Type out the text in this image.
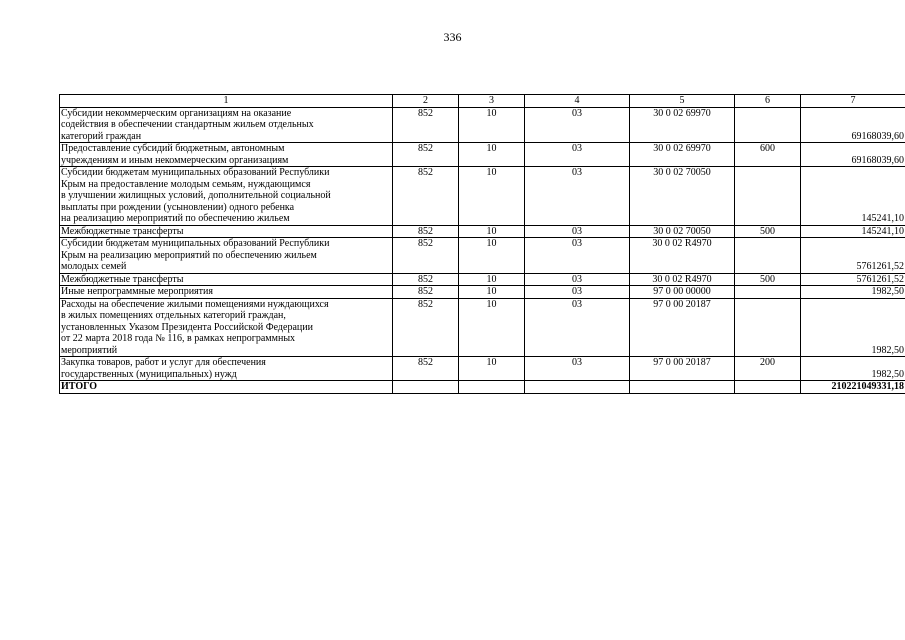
336
1	2	3	4	5	6	7

Субсидии некоммерческим организациям на оказание
содействия в обеспечении стандартным жильем отдельных
категорий граждан	852	10	03	30 0 02 69970		69168039,60

Предоставление субсидий бюджетным, автономным
учреждениям и иным некоммерческим организациям	852	10	03	30 0 02 69970	600	69168039,60

Субсидии бюджетам муниципальных образований Республики
Крым на предоставление молодым семьям, нуждающимся
в улучшении жилищных условий, дополнительной социальной
выплаты при рождении (усыновлении) одного ребенка
на реализацию мероприятий по обеспечению жильем	852	10	03	30 0 02 70050		145241,10

Межбюджетные трансферты	852	10	03	30 0 02 70050	500	145241,10

Субсидии бюджетам муниципальных образований Республики
Крым на реализацию мероприятий по обеспечению жильем
молодых семей	852	10	03	30 0 02 R4970		5761261,52

Межбюджетные трансферты	852	10	03	30 0 02 R4970	500	5761261,52

Иные непрограммные мероприятия	852	10	03	97 0 00 00000		1982,50

Расходы на обеспечение жилыми помещениями нуждающихся
в жилых помещениях отдельных категорий граждан,
установленных Указом Президента Российской Федерации
от 22 марта 2018 года № 116, в рамках непрограммных
мероприятий	852	10	03	97 0 00 20187		1982,50

Закупка товаров, работ и услуг для обеспечения
государственных (муниципальных) нужд	852	10	03	97 0 00 20187	200	1982,50
ИТОГО						210221049331,18
